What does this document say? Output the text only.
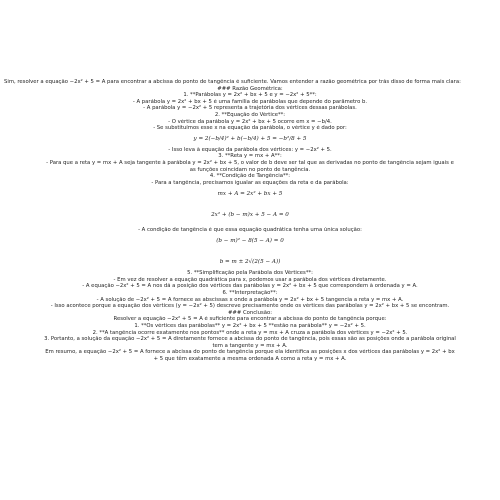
Sim, resolver a equação −2x² + 5 = A para encontrar a abcissa do ponto de tangência é suficiente. Vamos entender a razão geométrica por trás disso de forma mais clara:
### Razão Geométrica:
1. **Parábolas y = 2x² + bx + 5 e y = −2x² + 5**:
- A parábola y = 2x² + bx + 5 é uma família de parábolas que depende do parâmetro b.
- A parábola y = −2x² + 5 representa a trajetória dos vértices dessas parábolas.
2. **Equação do Vértice**:
- O vértice da parábola y = 2x² + bx + 5 ocorre em x = −b/4.
- Se substituímos esse x na equação da parábola, o vértice y é dado por:
y = 2(−b/4)² + b(−b/4) + 5 = −b²/8 + 5
- Isso leva à equação da parábola dos vértices: y = −2x² + 5.
3. **Reta y = mx + A**:
- Para que a reta y = mx + A seja tangente à parábola y = 2x² + bx + 5, o valor de b deve ser tal que as derivadas no ponto de tangência sejam iguais e as funções coincidam no ponto de tangência.
4. **Condição de Tangência**:
- Para a tangência, precisamos igualar as equações da reta e da parábola:
mx + A = 2x² + bx + 5
2x² + (b − m)x + 5 − A = 0
- A condição de tangência é que essa equação quadrática tenha uma única solução:
(b − m)² − 8(5 − A) = 0
b = m ± 2√(2(5 − A))
5. **Simplificação pela Parábola dos Vértices**:
- Em vez de resolver a equação quadrática para x, podemos usar a parábola dos vértices diretamente.
- A equação −2x² + 5 = A nos dá a posição dos vértices das parábolas y = 2x² + bx + 5 que correspondem à ordenada y = A.
6. **Interpretação**:
- A solução de −2x² + 5 = A fornece as abscissas x onde a parábola y = 2x² + bx + 5 tangencia a reta y = mx + A.
- Isso acontece porque a equação dos vértices (y = −2x² + 5) descreve precisamente onde os vértices das parábolas y = 2x² + bx + 5 se encontram.
### Conclusão:
Resolver a equação −2x² + 5 = A é suficiente para encontrar a abcissa do ponto de tangência porque:
1. **Os vértices das parábolas** y = 2x² + bx + 5 **estão na parábola** y = −2x² + 5.
2. **A tangência ocorre exatamente nos pontos** onde a reta y = mx + A cruza a parábola dos vértices y = −2x² + 5.
3. Portanto, a solução da equação −2x² + 5 = A diretamente fornece a abcissa do ponto de tangência, pois essas são as posições onde a parábola original tem a tangente y = mx + A.
Em resumo, a equação −2x² + 5 = A fornece a abcissa do ponto de tangência porque ela identifica as posições x dos vértices das parábolas y = 2x² + bx + 5 que têm exatamente a mesma ordenada A como a reta y = mx + A.
